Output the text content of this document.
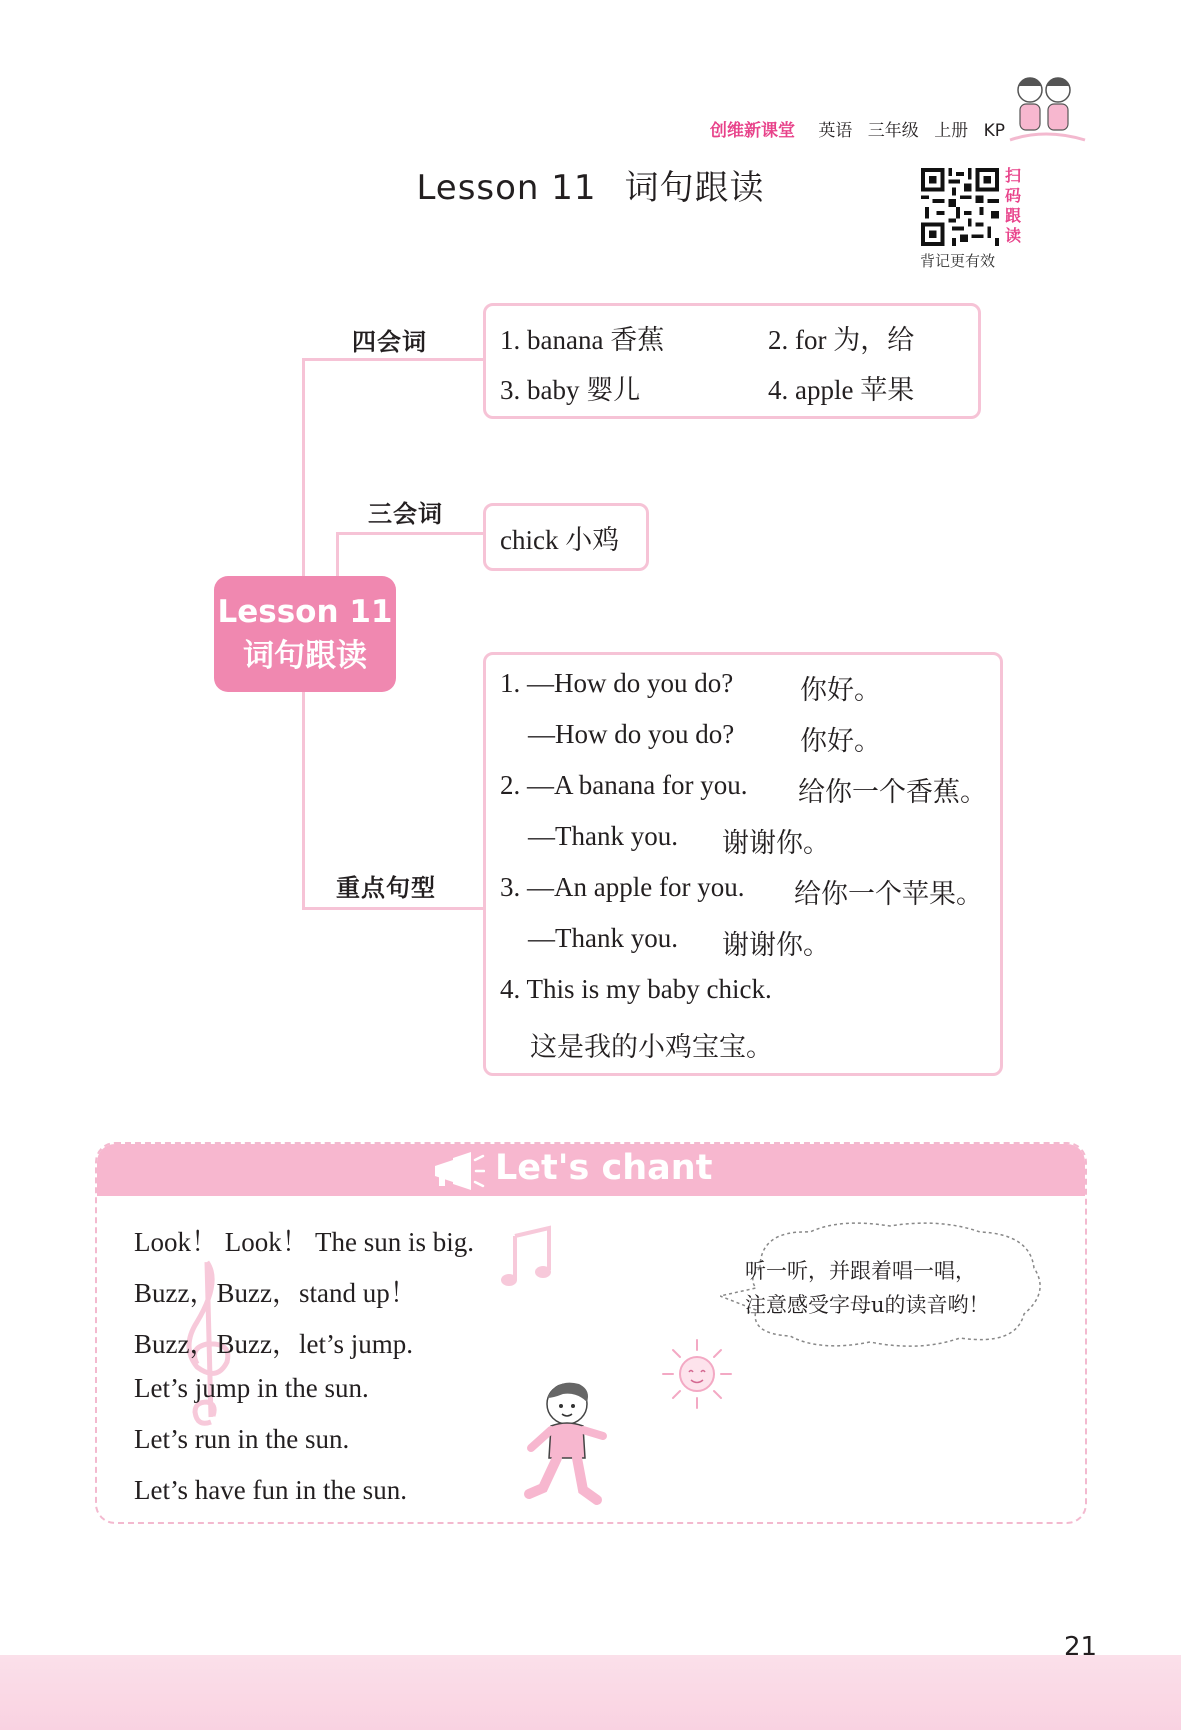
创维新课堂 英语 三年级 上册 KP
Lesson 11 词句跟读	扫
码
跟
读
背记更有效
四会词
三会词
重点句型
Lesson 11
词句跟读
1. banana 香蕉	2. for 为，给
3. baby 婴儿	4. apple 苹果
chick 小鸡
1. —How do you do? 你好。
—How do you do? 你好。
2. —A banana for you. 给你一个香蕉。
—Thank you. 谢谢你。
3. —An apple for you. 给你一个苹果。
—Thank you. 谢谢你。
4. This is my baby chick.
这是我的小鸡宝宝。
Let's chant
Look！ Look！ The sun is big.
Buzz，Buzz，stand up！
Buzz，Buzz，let’s jump.
Let’s jump in the sun.
Let’s run in the sun.
Let’s have fun in the sun.
听一听，并跟着唱一唱，
注意感受字母u的读音哟！
21
